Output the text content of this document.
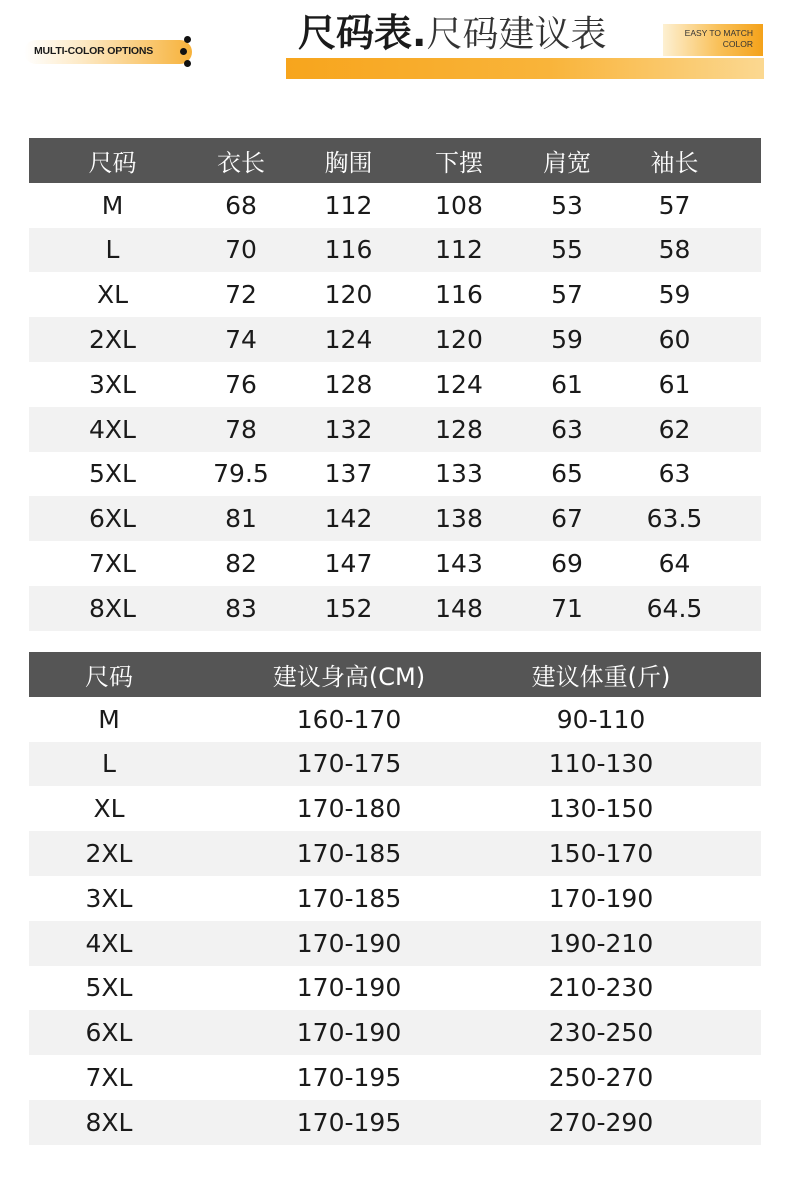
MULTI-COLOR OPTIONS	尺码表.尺码建议表	EASY TO MATCH
COLOR
尺码	衣长	胸围	下摆	肩宽	袖长
M	68	112	108	53	57
L	70	116	112	55	58
XL	72	120	116	57	59
2XL	74	124	120	59	60
3XL	76	128	124	61	61
4XL	78	132	128	63	62
5XL	79.5	137	133	65	63
6XL	81	142	138	67	63.5
7XL	82	147	143	69	64
8XL	83	152	148	71	64.5
尺码	建议身高(CM)	建议体重(斤)
M	160-170	90-110
L	170-175	110-130
XL	170-180	130-150
2XL	170-185	150-170
3XL	170-185	170-190
4XL	170-190	190-210
5XL	170-190	210-230
6XL	170-190	230-250
7XL	170-195	250-270
8XL	170-195	270-290
